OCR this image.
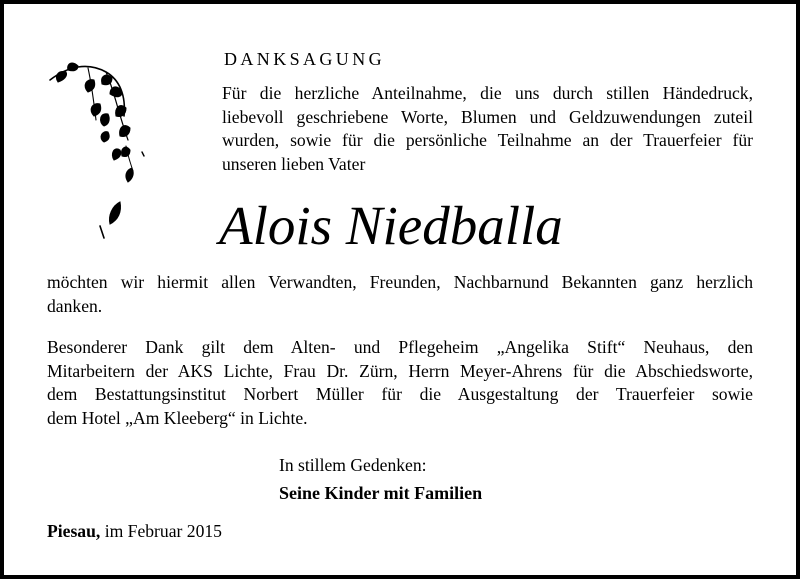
DANKSAGUNG
Für die herzliche Anteilnahme, die uns durch stillen Händedruck,
liebevoll geschriebene Worte, Blumen und Geldzuwendungen zuteil
wurden, sowie für die persönliche Teilnahme an der Trauerfeier für
unseren lieben Vater
Alois Niedballa
möchten wir hiermit allen Verwandten, Freunden, Nachbarnund Bekannten ganz herzlich
danken.
Besonderer Dank gilt dem Alten- und Pflegeheim „Angelika Stift“ Neuhaus, den
Mitarbeitern der AKS Lichte, Frau Dr. Zürn, Herrn Meyer-Ahrens für die Abschiedsworte,
dem Bestattungsinstitut Norbert Müller für die Ausgestaltung der Trauerfeier sowie
dem Hotel „Am Kleeberg“ in Lichte.
In stillem Gedenken:
Seine Kinder mit Familien
Piesau, im Februar 2015
